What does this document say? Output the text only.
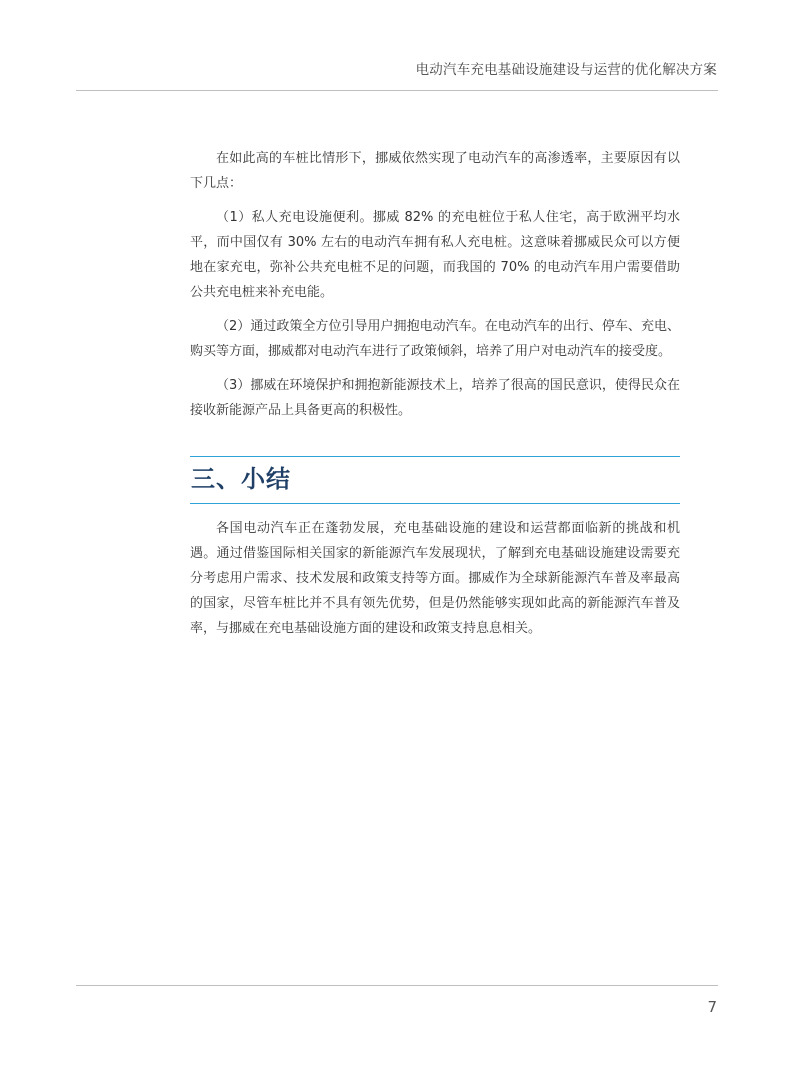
电动汽车充电基础设施建设与运营的优化解决方案

在如此高的车桩比情形下，挪威依然实现了电动汽车的高渗透率，主要原因有以下几点：

（1）私人充电设施便利。挪威 82% 的充电桩位于私人住宅，高于欧洲平均水平，而中国仅有 30% 左右的电动汽车拥有私人充电桩。这意味着挪威民众可以方便地在家充电，弥补公共充电桩不足的问题，而我国的 70% 的电动汽车用户需要借助公共充电桩来补充电能。

（2）通过政策全方位引导用户拥抱电动汽车。在电动汽车的出行、停车、充电、购买等方面，挪威都对电动汽车进行了政策倾斜，培养了用户对电动汽车的接受度。

（3）挪威在环境保护和拥抱新能源技术上，培养了很高的国民意识，使得民众在接收新能源产品上具备更高的积极性。

三、小结

各国电动汽车正在蓬勃发展，充电基础设施的建设和运营都面临新的挑战和机遇。通过借鉴国际相关国家的新能源汽车发展现状，了解到充电基础设施建设需要充分考虑用户需求、技术发展和政策支持等方面。挪威作为全球新能源汽车普及率最高的国家，尽管车桩比并不具有领先优势，但是仍然能够实现如此高的新能源汽车普及率，与挪威在充电基础设施方面的建设和政策支持息息相关。

7
